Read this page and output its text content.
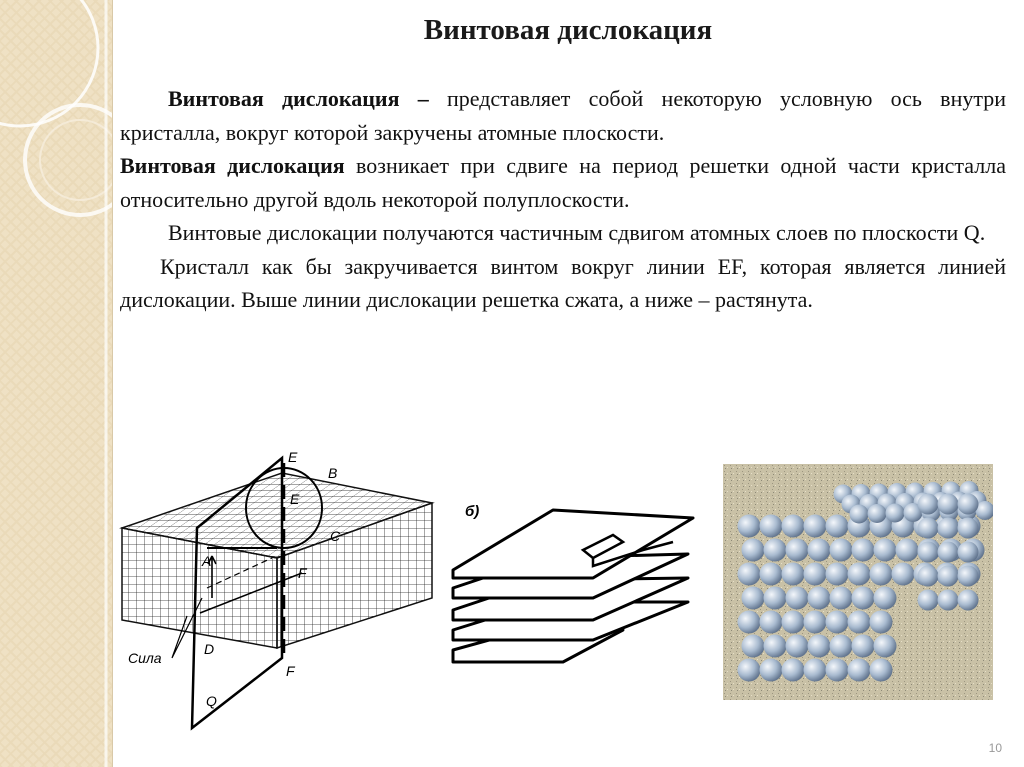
Винтовая дислокация

Винтовая дислокация – представляет собой некоторую условную ось внутри кристалла, вокруг которой закручены атомные плоскости.

Винтовая дислокация возникает при сдвиге на период решетки одной части кристалла относительно другой вдоль некоторой полуплоскости.

Винтовые дислокации получаются частичным сдвигом атомных слоев по плоскости Q.

Кристалл как бы закручивается винтом вокруг линии EF, которая является линией дислокации. Выше линии дислокации решетка сжата, а ниже – растянута.

E
B
E
C
A
F
D
F
Q
Сила
б)
10
